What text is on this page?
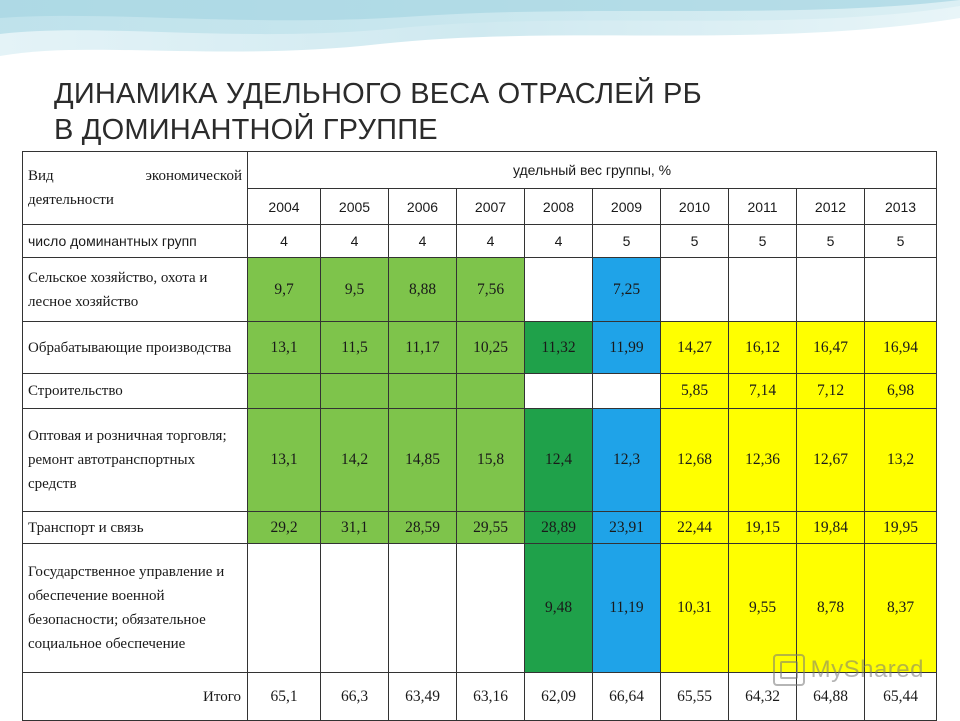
ДИНАМИКА УДЕЛЬНОГО ВЕСА ОТРАСЛЕЙ РБ
В ДОМИНАНТНОЙ ГРУППЕ
Вид экономической
деятельности	удельный вес группы, %									
	2004	2005	2006	2007	2008	2009	2010	2011	2012	2013
число доминантных групп	4	4	4	4	4	5	5	5	5	5
Сельское хозяйство, охота и лесное хозяйство	9,7	9,5	8,88	7,56		7,25				
Обрабатывающие производства	13,1	11,5	11,17	10,25	11,32	11,99	14,27	16,12	16,47	16,94
Строительство							5,85	7,14	7,12	6,98
Оптовая и розничная торговля; ремонт автотранспортных средств	13,1	14,2	14,85	15,8	12,4	12,3	12,68	12,36	12,67	13,2
Транспорт и связь	29,2	31,1	28,59	29,55	28,89	23,91	22,44	19,15	19,84	19,95
Государственное управление и обеспечение военной безопасности; обязательное социальное обеспечение					9,48	11,19	10,31	9,55	8,78	8,37
Итого	65,1	66,3	63,49	63,16	62,09	66,64	65,55	64,32	64,88	65,44
MyShared
